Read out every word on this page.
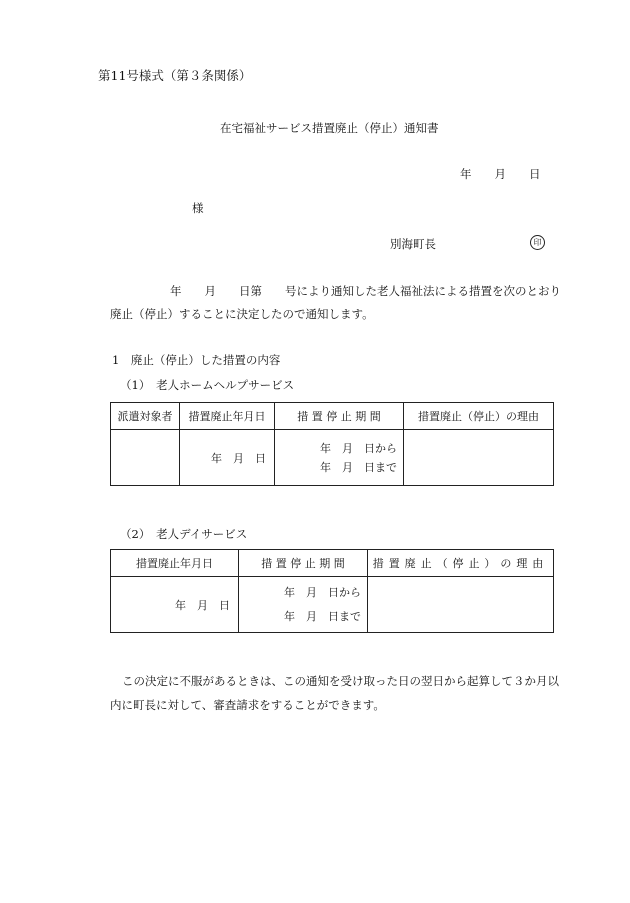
第11号様式（第３条関係）
在宅福祉サービス措置廃止（停止）通知書
年　　月　　日
様
別海町長	印
年　　月　　日第　　号により通知した老人福祉法による措置を次のとおり
廃止（停止）することに決定したので通知します。
1　廃止（停止）した措置の内容
（1）　老人ホームヘルプサービス
派遣対象者	措置廃止年月日	措 置 停 止 期 間	措置廃止（停止）の理由
	年　月　日	年　月　日から
年　月　日まで	

（2）　老人デイサービス
措置廃止年月日	措 置 停 止 期 間	措置廃止（停止）の理由
年　月　日	年　月　日から
年　月　日まで	

この決定に不服があるときは、この通知を受け取った日の翌日から起算して３か月以
内に町長に対して、審査請求をすることができます。
